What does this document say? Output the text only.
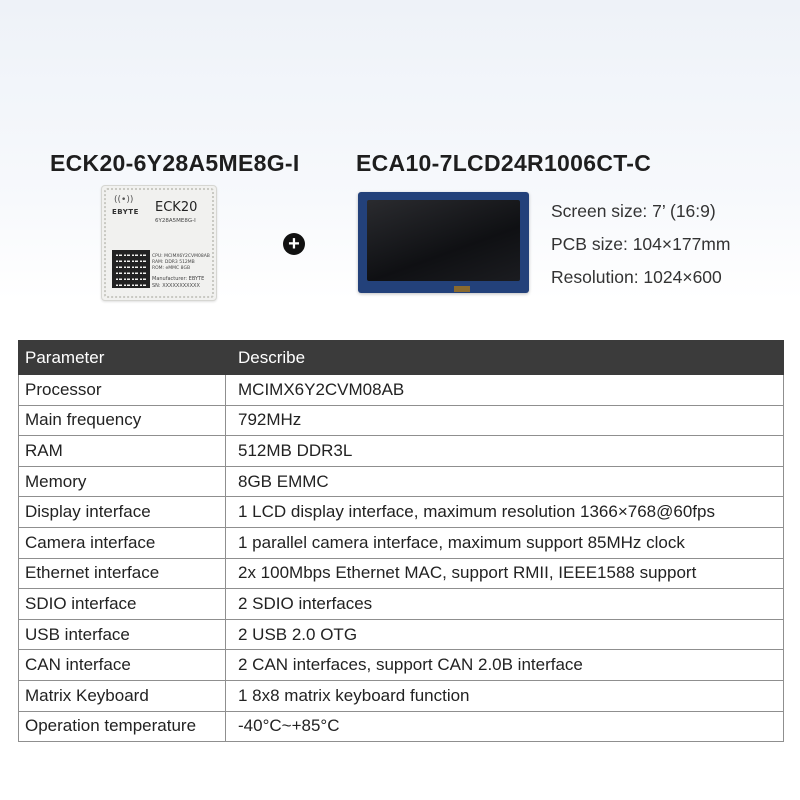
ECK20-6Y28A5ME8G-I ECA10-7LCD24R1006CT-C
((•))
EBYTE ECK20
6Y28A5ME8G-I
CPU: MCIMX6Y2CVM08AB
RAM: DDR3 512MB
ROM: eMMC 8GB
Manufacturer: EBYTE
SN: XXXXXXXXXXX
+
Screen size: 7’ (16:9)
PCB size: 104×177mm
Resolution: 1024×600
Parameter	Describe
Processor	MCIMX6Y2CVM08AB
Main frequency	792MHz
RAM	512MB DDR3L
Memory	8GB EMMC
Display interface	1 LCD display interface, maximum resolution 1366×768@60fps
Camera interface	1 parallel camera interface, maximum support 85MHz clock
Ethernet interface	2x 100Mbps Ethernet MAC, support RMII, IEEE1588 support
SDIO interface	2 SDIO interfaces
USB interface	2 USB 2.0 OTG
CAN interface	2 CAN interfaces, support CAN 2.0B interface
Matrix Keyboard	1 8x8 matrix keyboard function
Operation temperature	-40°C~+85°C
